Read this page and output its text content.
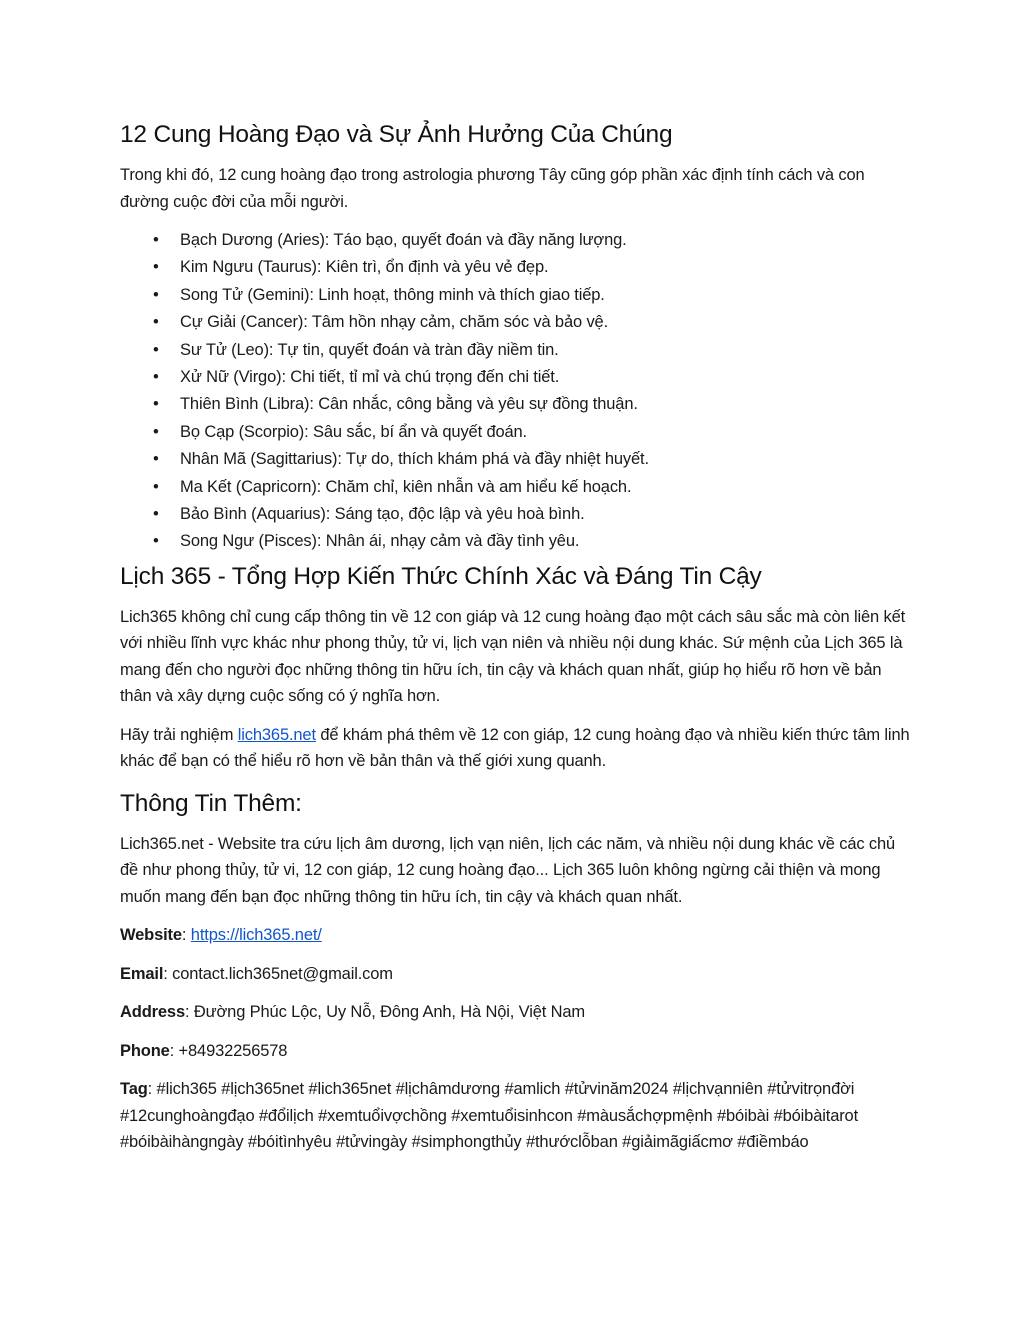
12 Cung Hoàng Đạo và Sự Ảnh Hưởng Của Chúng

Trong khi đó, 12 cung hoàng đạo trong astrologia phương Tây cũng góp phần xác định tính cách và con đường cuộc đời của mỗi người.

• Bạch Dương (Aries): Táo bạo, quyết đoán và đầy năng lượng.
• Kim Ngưu (Taurus): Kiên trì, ổn định và yêu vẻ đẹp.
• Song Tử (Gemini): Linh hoạt, thông minh và thích giao tiếp.
• Cự Giải (Cancer): Tâm hồn nhạy cảm, chăm sóc và bảo vệ.
• Sư Tử (Leo): Tự tin, quyết đoán và tràn đầy niềm tin.
• Xử Nữ (Virgo): Chi tiết, tỉ mỉ và chú trọng đến chi tiết.
• Thiên Bình (Libra): Cân nhắc, công bằng và yêu sự đồng thuận.
• Bọ Cạp (Scorpio): Sâu sắc, bí ẩn và quyết đoán.
• Nhân Mã (Sagittarius): Tự do, thích khám phá và đầy nhiệt huyết.
• Ma Kết (Capricorn): Chăm chỉ, kiên nhẫn và am hiểu kế hoạch.
• Bảo Bình (Aquarius): Sáng tạo, độc lập và yêu hoà bình.
• Song Ngư (Pisces): Nhân ái, nhạy cảm và đầy tình yêu.
Lịch 365 - Tổng Hợp Kiến Thức Chính Xác và Đáng Tin Cậy

Lich365 không chỉ cung cấp thông tin về 12 con giáp và 12 cung hoàng đạo một cách sâu sắc mà còn liên kết với nhiều lĩnh vực khác như phong thủy, tử vi, lịch vạn niên và nhiều nội dung khác. Sứ mệnh của Lịch 365 là mang đến cho người đọc những thông tin hữu ích, tin cậy và khách quan nhất, giúp họ hiểu rõ hơn về bản thân và xây dựng cuộc sống có ý nghĩa hơn.

Hãy trải nghiệm lich365.net để khám phá thêm về 12 con giáp, 12 cung hoàng đạo và nhiều kiến thức tâm linh khác để bạn có thể hiểu rõ hơn về bản thân và thế giới xung quanh.

Thông Tin Thêm:

Lich365.net - Website tra cứu lịch âm dương, lịch vạn niên, lịch các năm, và nhiều nội dung khác về các chủ đề như phong thủy, tử vi, 12 con giáp, 12 cung hoàng đạo... Lịch 365 luôn không ngừng cải thiện và mong muốn mang đến bạn đọc những thông tin hữu ích, tin cậy và khách quan nhất.

Website: https://lich365.net/

Email: contact.lich365net@gmail.com

Address: Đường Phúc Lộc, Uy Nỗ, Đông Anh, Hà Nội, Việt Nam

Phone: +84932256578

Tag: #lich365 #lịch365net #lich365net #lịchâmdương #amlich #tửvinăm2024 #lịchvạnniên #tửvitrọnđời #12cunghoàngđạo #đổilịch #xemtuổivợchồng #xemtuổisinhcon #màusắchợpmệnh #bóibài #bóibàitarot #bóibàihàngngày #bóitìnhyêu #tửvingày #simphongthủy #thướclỗban #giảimãgiấcmơ #điềmbáo
